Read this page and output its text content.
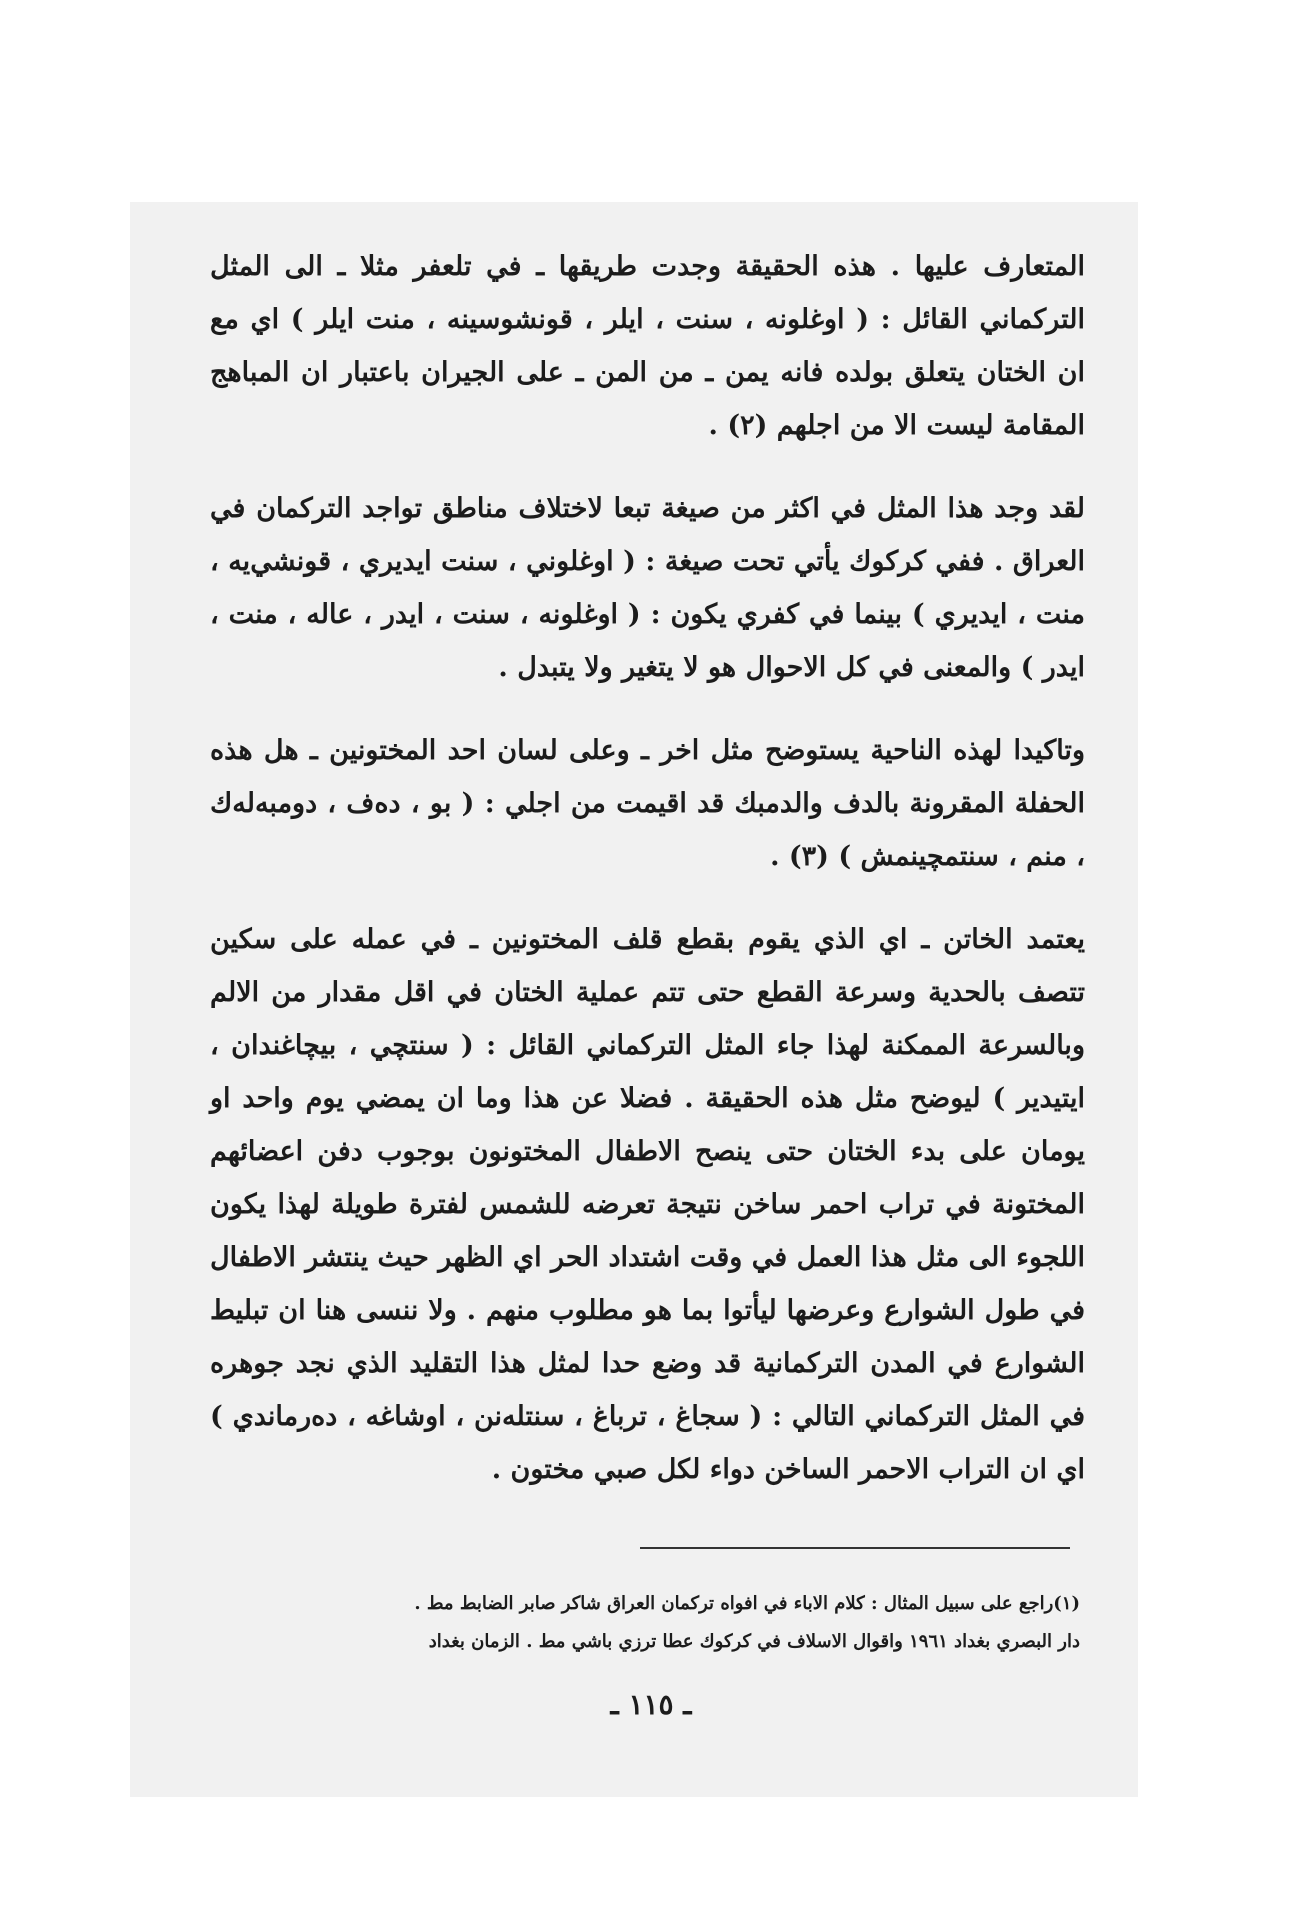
المتعارف عليها . هذه الحقيقة وجدت طريقها ـ في تلعفر مثلا ـ الى المثل التركماني القائل : ( اوغلونه ، سنت ، ايلر ، قونشوسينه ، منت ايلر ) اي مع ان الختان يتعلق بولده فانه يمن ـ من المن ـ على الجيران باعتبار ان المباهج المقامة ليست الا من اجلهم (٢) .

لقد وجد هذا المثل في اكثر من صيغة تبعا لاختلاف مناطق تواجد التركمان في العراق . ففي كركوك يأتي تحت صيغة : ( اوغلوني ، سنت ايديري ، قونشي‌يه ، منت ، ايديري ) بينما في كفري يكون : ( اوغلونه ، سنت ، ايدر ، عاله ، منت ، ايدر ) والمعنى في كل الاحوال هو لا يتغير ولا يتبدل .

وتاكيدا لهذه الناحية يستوضح مثل اخر ـ وعلى لسان احد المختونين ـ هل هذه الحفلة المقرونة بالدف والدمبك قد اقيمت من اجلي : ( بو ، ده‌ف ، دومبه‌له‌ك ، منم ، سنتمچينمش ) (٣) .

يعتمد الخاتن ـ اي الذي يقوم بقطع قلف المختونين ـ في عمله على سكين تتصف بالحدية وسرعة القطع حتى تتم عملية الختان في اقل مقدار من الالم وبالسرعة الممكنة لهذا جاء المثل التركماني القائل : ( سنتچي ، بيچاغندان ، ايتيدير ) ليوضح مثل هذه الحقيقة . فضلا عن هذا وما ان يمضي يوم واحد او يومان على بدء الختان حتى ينصح الاطفال المختونون بوجوب دفن اعضائهم المختونة في تراب احمر ساخن نتيجة تعرضه للشمس لفترة طويلة لهذا يكون اللجوء الى مثل هذا العمل في وقت اشتداد الحر اي الظهر حيث ينتشر الاطفال في طول الشوارع وعرضها ليأتوا بما هو مطلوب منهم . ولا ننسى هنا ان تبليط الشوارع في المدن التركمانية قد وضع حدا لمثل هذا التقليد الذي نجد جوهره في المثل التركماني التالي : ( سجاغ ، ترباغ ، سنتله‌نن ، اوشاغه ، ده‌رماندي ) اي ان التراب الاحمر الساخن دواء لكل صبي مختون .

(١)راجع على سبيل المثال : كلام الاباء في افواه تركمان العراق شاكر صابر الضابط مط .

دار البصري بغداد ١٩٦١ واقوال الاسلاف في كركوك عطا ترزي باشي مط . الزمان بغداد

ـ ١١٥ ـ
